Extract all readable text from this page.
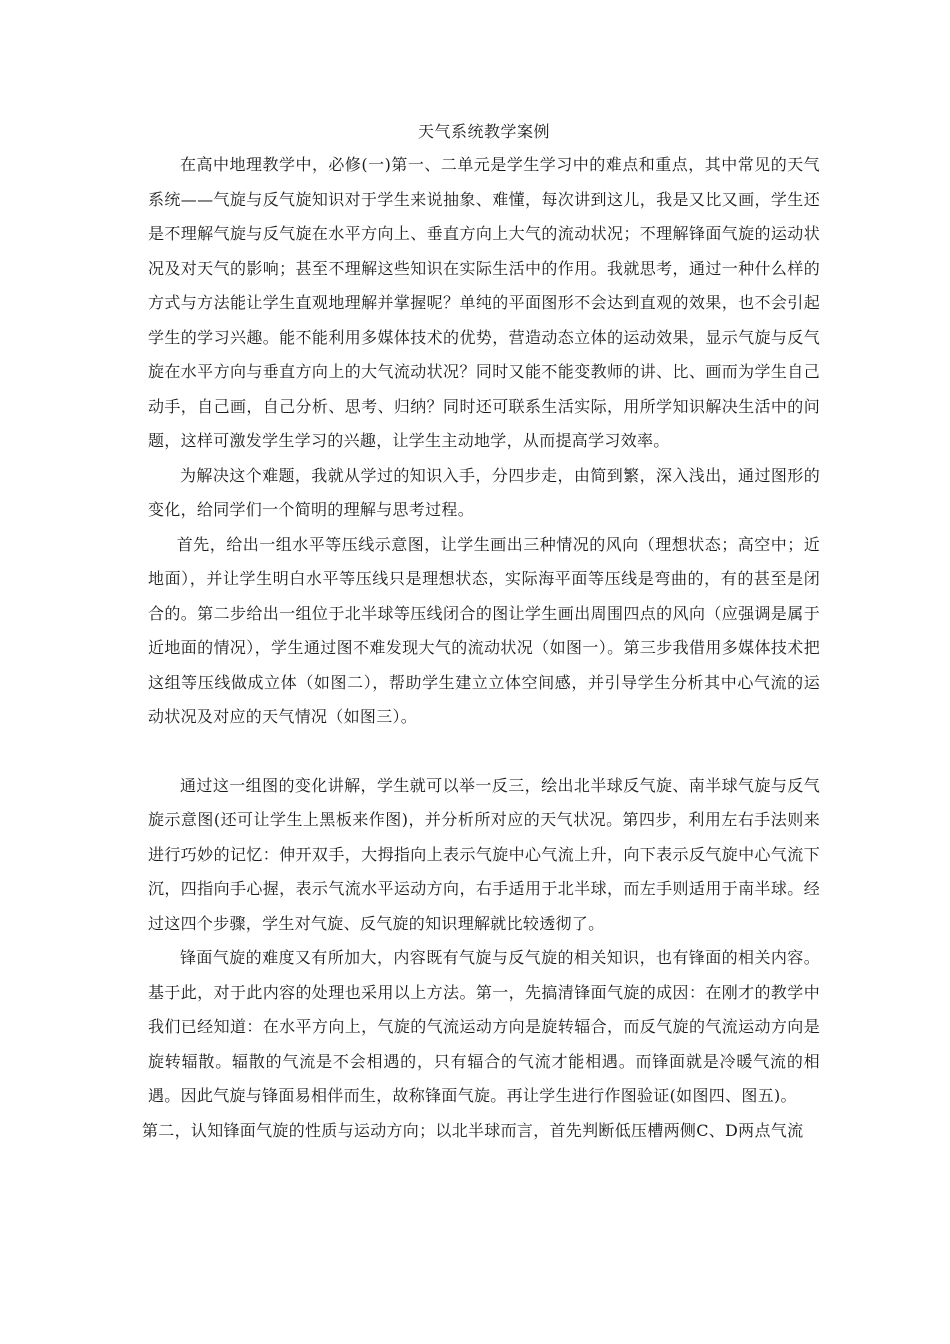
天气系统教学案例

在高中地理教学中，必修(一)第一、二单元是学生学习中的难点和重点，其中常见的天气系统——气旋与反气旋知识对于学生来说抽象、难懂，每次讲到这儿，我是又比又画，学生还是不理解气旋与反气旋在水平方向上、垂直方向上大气的流动状况；不理解锋面气旋的运动状况及对天气的影响；甚至不理解这些知识在实际生活中的作用。我就思考，通过一种什么样的方式与方法能让学生直观地理解并掌握呢？单纯的平面图形不会达到直观的效果，也不会引起学生的学习兴趣。能不能利用多媒体技术的优势，营造动态立体的运动效果，显示气旋与反气旋在水平方向与垂直方向上的大气流动状况？同时又能不能变教师的讲、比、画而为学生自己动手，自己画，自己分析、思考、归纳？同时还可联系生活实际，用所学知识解决生活中的问题，这样可激发学生学习的兴趣，让学生主动地学，从而提高学习效率。

为解决这个难题，我就从学过的知识入手，分四步走，由简到繁，深入浅出，通过图形的变化，给同学们一个简明的理解与思考过程。

首先，给出一组水平等压线示意图，让学生画出三种情况的风向（理想状态；高空中；近地面），并让学生明白水平等压线只是理想状态，实际海平面等压线是弯曲的，有的甚至是闭合的。第二步给出一组位于北半球等压线闭合的图让学生画出周围四点的风向（应强调是属于近地面的情况），学生通过图不难发现大气的流动状况（如图一）。第三步我借用多媒体技术把这组等压线做成立体（如图二），帮助学生建立立体空间感，并引导学生分析其中心气流的运动状况及对应的天气情况（如图三）。

通过这一组图的变化讲解，学生就可以举一反三，绘出北半球反气旋、南半球气旋与反气旋示意图(还可让学生上黑板来作图)，并分析所对应的天气状况。第四步，利用左右手法则来进行巧妙的记忆：伸开双手，大拇指向上表示气旋中心气流上升，向下表示反气旋中心气流下沉，四指向手心握，表示气流水平运动方向，右手适用于北半球，而左手则适用于南半球。经过这四个步骤，学生对气旋、反气旋的知识理解就比较透彻了。

锋面气旋的难度又有所加大，内容既有气旋与反气旋的相关知识，也有锋面的相关内容。基于此，对于此内容的处理也采用以上方法。第一，先搞清锋面气旋的成因：在刚才的教学中我们已经知道：在水平方向上，气旋的气流运动方向是旋转辐合，而反气旋的气流运动方向是旋转辐散。辐散的气流是不会相遇的，只有辐合的气流才能相遇。而锋面就是冷暖气流的相遇。因此气旋与锋面易相伴而生，故称锋面气旋。再让学生进行作图验证(如图四、图五)。

第二，认知锋面气旋的性质与运动方向；以北半球而言，首先判断低压槽两侧C、D两点气流
